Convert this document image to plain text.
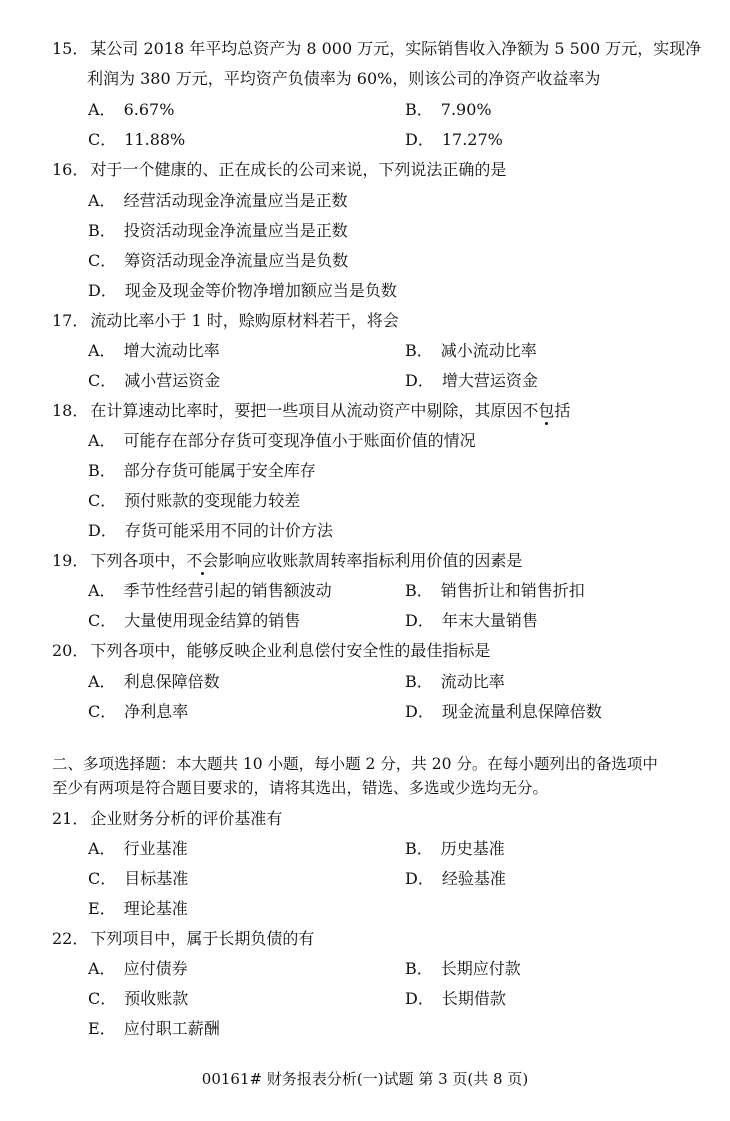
15． 某公司 2018 年平均总资产为 8 000 万元，实际销售收入净额为 5 500 万元，实现净
利润为 380 万元，平均资产负债率为 60%，则该公司的净资产收益率为
A． 6.67%	B． 7.90%
C． 11.88%	D． 17.27%
16． 对于一个健康的、正在成长的公司来说，下列说法正确的是
A． 经营活动现金净流量应当是正数
B． 投资活动现金净流量应当是正数
C． 筹资活动现金净流量应当是负数
D． 现金及现金等价物净增加额应当是负数
17． 流动比率小于 1 时，赊购原材料若干，将会
A． 增大流动比率	B． 减小流动比率
C． 减小营运资金	D． 增大营运资金
18． 在计算速动比率时，要把一些项目从流动资产中剔除，其原因不包括
A． 可能存在部分存货可变现净值小于账面价值的情况
B． 部分存货可能属于安全库存
C． 预付账款的变现能力较差
D． 存货可能采用不同的计价方法
19． 下列各项中，不会影响应收账款周转率指标利用价值的因素是
A． 季节性经营引起的销售额波动	B． 销售折让和销售折扣
C． 大量使用现金结算的销售	D． 年末大量销售
20． 下列各项中，能够反映企业利息偿付安全性的最佳指标是
A． 利息保障倍数	B． 流动比率
C． 净利息率	D． 现金流量利息保障倍数
二、多项选择题：本大题共 10 小题，每小题 2 分，共 20 分。在每小题列出的备选项中
至少有两项是符合题目要求的，请将其选出，错选、多选或少选均无分。
21． 企业财务分析的评价基准有
A． 行业基准	B． 历史基准
C． 目标基准	D． 经验基准
E． 理论基准
22． 下列项目中，属于长期负债的有
A． 应付债券	B． 长期应付款
C． 预收账款	D． 长期借款
E． 应付职工薪酬
00161# 财务报表分析(一)试题 第 3 页(共 8 页)
